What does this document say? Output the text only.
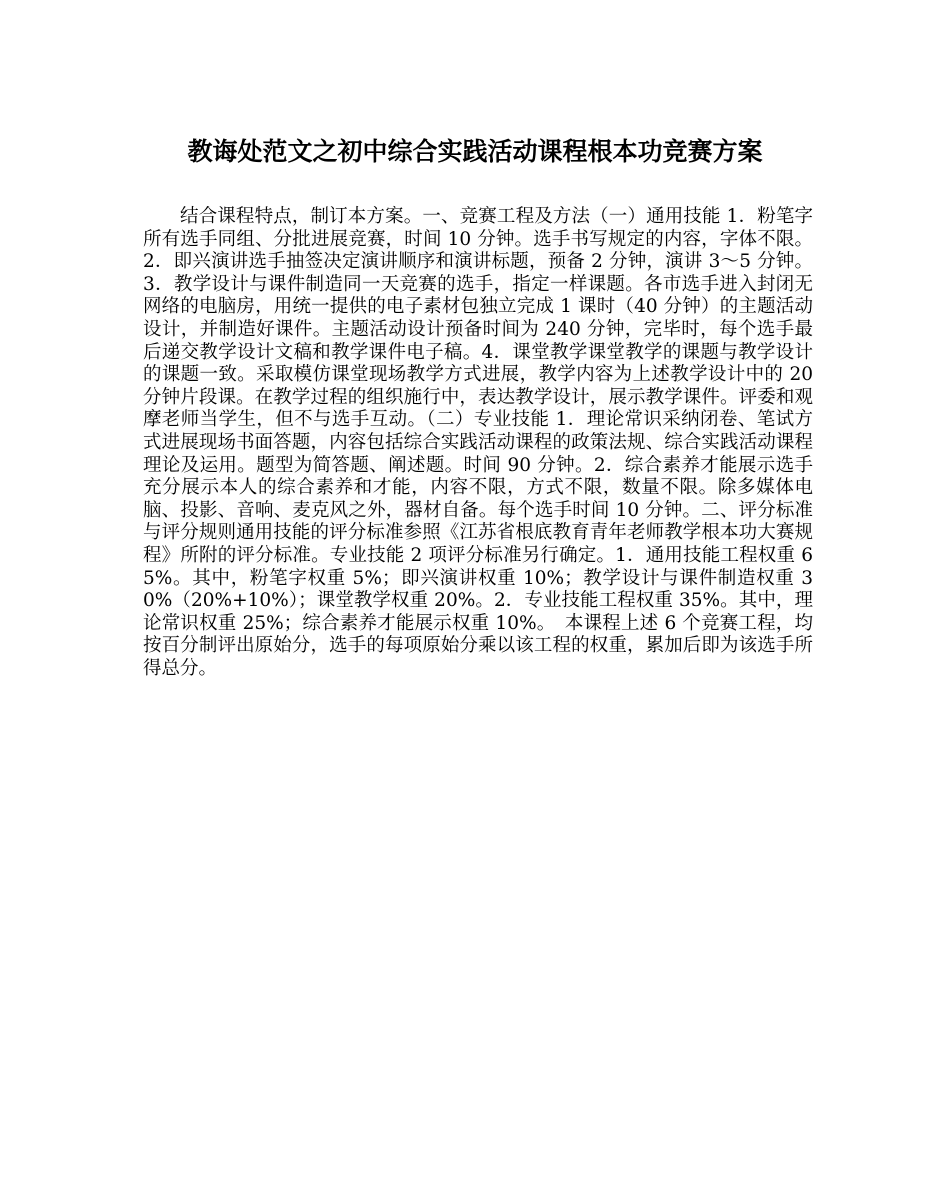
教诲处范文之初中综合实践活动课程根本功竞赛方案

结合课程特点，制订本方案。一、竞赛工程及方法（一）通用技能 1．粉笔字所有选手同组、分批进展竞赛，时间 10 分钟。选手书写规定的内容，字体不限。2．即兴演讲选手抽签决定演讲顺序和演讲标题，预备 2 分钟，演讲 3～5 分钟。3．教学设计与课件制造同一天竞赛的选手，指定一样课题。各市选手进入封闭无网络的电脑房，用统一提供的电子素材包独立完成 1 课时（40 分钟）的主题活动设计，并制造好课件。主题活动设计预备时间为 240 分钟，完毕时，每个选手最后递交教学设计文稿和教学课件电子稿。4．课堂教学课堂教学的课题与教学设计的课题一致。采取模仿课堂现场教学方式进展，教学内容为上述教学设计中的 20 分钟片段课。在教学过程的组织施行中，表达教学设计，展示教学课件。评委和观摩老师当学生，但不与选手互动。（二）专业技能 1．理论常识采纳闭卷、笔试方式进展现场书面答题，内容包括综合实践活动课程的政策法规、综合实践活动课程理论及运用。题型为简答题、阐述题。时间 90 分钟。2．综合素养才能展示选手充分展示本人的综合素养和才能，内容不限，方式不限，数量不限。除多媒体电脑、投影、音响、麦克风之外，器材自备。每个选手时间 10 分钟。二、评分标准与评分规则通用技能的评分标准参照《江苏省根底教育青年老师教学根本功大赛规程》所附的评分标准。专业技能 2 项评分标准另行确定。1．通用技能工程权重 65%。其中，粉笔字权重 5%；即兴演讲权重 10%；教学设计与课件制造权重 30%（20%+10%）；课堂教学权重 20%。2．专业技能工程权重 35%。其中，理论常识权重 25%；综合素养才能展示权重 10%。　本课程上述 6 个竞赛工程，均按百分制评出原始分，选手的每项原始分乘以该工程的权重，累加后即为该选手所得总分。
